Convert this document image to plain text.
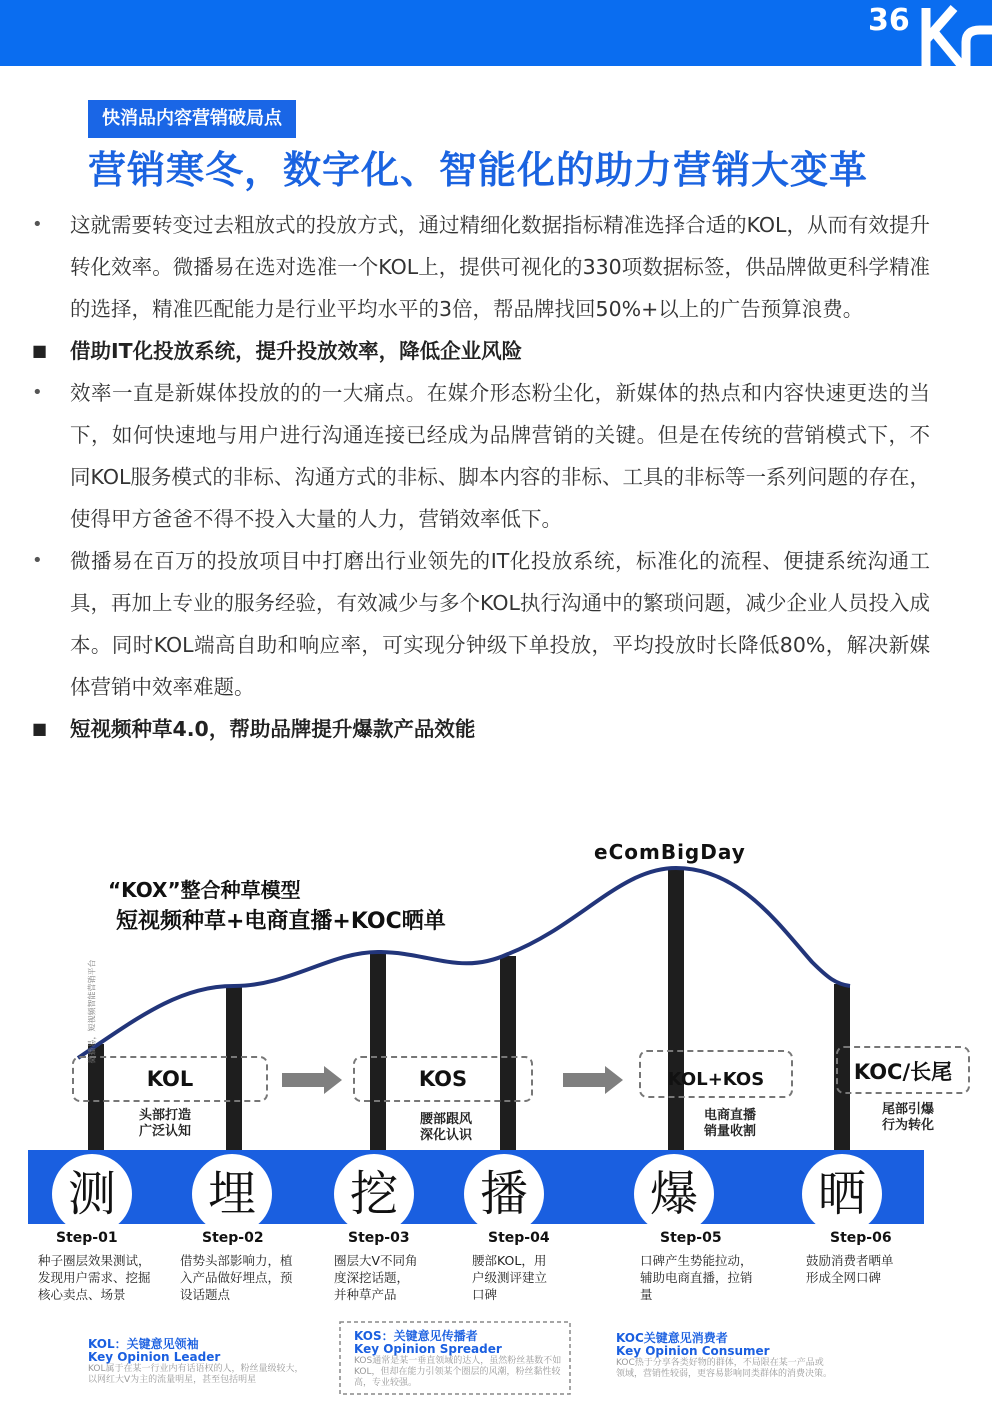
36
快消品内容营销破局点
营销寒冬，数字化、智能化的助力营销大变革
• 这就需要转变过去粗放式的投放方式，通过精细化数据指标精准选择合适的KOL，从而有效提升转化效率。微播易在选对选准一个KOL上，提供可视化的330项数据标签，供品牌做更科学精准的选择，精准匹配能力是行业平均水平的3倍，帮品牌找回50%+以上的广告预算浪费。
■ 借助IT化投放系统，提升投放效率，降低企业风险
• 效率一直是新媒体投放的的一大痛点。在媒介形态粉尘化，新媒体的热点和内容快速更迭的当下，如何快速地与用户进行沟通连接已经成为品牌营销的关键。但是在传统的营销模式下，不同KOL服务模式的非标、沟通方式的非标、脚本内容的非标、工具的非标等一系列问题的存在，使得甲方爸爸不得不投入大量的人力，营销效率低下。
• 微播易在百万的投放项目中打磨出行业领先的IT化投放系统，标准化的流程、便捷系统沟通工具，再加上专业的服务经验，有效减少与多个KOL执行沟通中的繁琐问题，减少企业人员投入成本。同时KOL端高自助和响应率，可实现分钟级下单投放，平均投放时长降低80%，解决新媒体营销中效率难题。
■ 短视频种草4.0，帮助品牌提升爆款产品效能
eComBigDay
“KOX”整合种草模型
短视频种草+电商直播+KOC晒单
微播易，短视频智能营销平台
KOL	KOS	KOL+KOS	KOC/长尾
头部打造
广泛认知
腰部跟风
深化认识
电商直播
销量收割
尾部引爆
行为转化
测	埋	挖	播	爆	晒
Step-01	Step-02	Step-03	Step-04	Step-05	Step-06
种子圈层效果测试，
发现用户需求、挖掘
核心卖点、场景
借势头部影响力，植
入产品做好埋点，预
设话题点
圈层大V不同角
度深挖话题，
并种草产品
腰部KOL，用
户级测评建立
口碑
口碑产生势能拉动，
辅助电商直播，拉销
量
鼓励消费者晒单
形成全网口碑
KOL：关键意见领袖
Key Opinion Leader
KOL属于在某一行业内有话语权的人，粉丝量级较大，
以网红大V为主的流量明星，甚至包括明星
KOS：关键意见传播者
Key Opinion Spreader
KOS通常是某一垂直领域的达人，虽然粉丝基数不如
KOL，但却在能力引领某个圈层的风潮，粉丝黏性较
高，专业较强。
KOC关键意见消费者
Key Opinion Consumer
KOC热于分享各类好物的群体，不局限在某一产品或
领域，营销性较弱，更容易影响同类群体的消费决策。
